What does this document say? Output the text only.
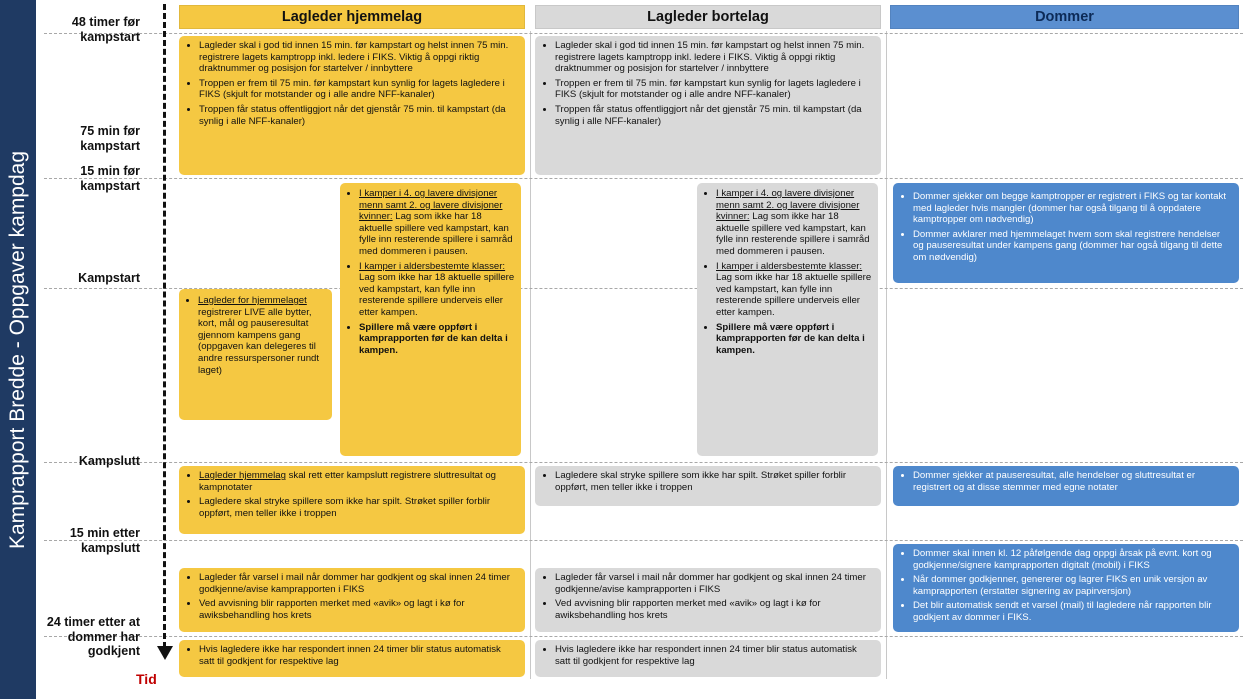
Kamprapport Bredde - Oppgaver kampdag
Lagleder hjemmelag	Lagleder bortelag	Dommer
Tid
48 timer før
kampstart
75 min før
kampstart
15 min før
kampstart
Kampstart
Kampslutt
15 min etter
kampslutt
24 timer etter at
dommer har
godkjent
• Lagleder skal i god tid innen 15 min. før kampstart og helst innen 75 min. registrere lagets kamptropp inkl. ledere i FIKS. Viktig å oppgi riktig draktnummer og posisjon for startelver / innbyttere
• Troppen er frem til 75 min. før kampstart kun synlig for lagets lagledere i FIKS (skjult for motstander og i alle andre NFF-kanaler)
• Troppen får status offentliggjort når det gjenstår 75 min. til kampstart (da synlig i alle NFF-kanaler)
• Lagleder skal i god tid innen 15 min. før kampstart og helst innen 75 min. registrere lagets kamptropp inkl. ledere i FIKS. Viktig å oppgi riktig draktnummer og posisjon for startelver / innbyttere
• Troppen er frem til 75 min. før kampstart kun synlig for lagets lagledere i FIKS (skjult for motstander og i alle andre NFF-kanaler)
• Troppen får status offentliggjort når det gjenstår 75 min. til kampstart (da synlig i alle NFF-kanaler)
• I kamper i 4. og lavere divisjoner menn samt 2. og lavere divisjoner kvinner: Lag som ikke har 18 aktuelle spillere ved kampstart, kan fylle inn resterende spillere i samråd med dommeren i pausen.
• I kamper i aldersbestemte klasser: Lag som ikke har 18 aktuelle spillere ved kampstart, kan fylle inn resterende spillere underveis eller etter kampen.
• Spillere må være oppført i kamprapporten før de kan delta i kampen.
• I kamper i 4. og lavere divisjoner menn samt 2. og lavere divisjoner kvinner: Lag som ikke har 18 aktuelle spillere ved kampstart, kan fylle inn resterende spillere i samråd med dommeren i pausen.
• I kamper i aldersbestemte klasser: Lag som ikke har 18 aktuelle spillere ved kampstart, kan fylle inn resterende spillere underveis eller etter kampen.
• Spillere må være oppført i kamprapporten før de kan delta i kampen.
• Dommer sjekker om begge kamptropper er registrert i FIKS og tar kontakt med lagleder hvis mangler (dommer har også tilgang til å oppdatere kamptropper om nødvendig)
• Dommer avklarer med hjemmelaget hvem som skal registrere hendelser og pauseresultat under kampens gang (dommer har også tilgang til dette om nødvendig)
• Lagleder for hjemmelaget registrerer LIVE alle bytter, kort, mål og pauseresultat gjennom kampens gang (oppgaven kan delegeres til andre ressurspersoner rundt laget)
• Lagleder hjemmelag skal rett etter kampslutt registrere sluttresultat og kampnotater
• Lagledere skal stryke spillere som ikke har spilt. Strøket spiller forblir oppført, men teller ikke i troppen
• Lagledere skal stryke spillere som ikke har spilt. Strøket spiller forblir oppført, men teller ikke i troppen
• Dommer sjekker at pauseresultat, alle hendelser og sluttresultat er registrert og at disse stemmer med egne notater
• Lagleder får varsel i mail når dommer har godkjent og skal innen 24 timer godkjenne/avise kamprapporten i FIKS
• Ved avvisning blir rapporten merket med «avik» og lagt i kø for awiksbehandling hos krets
• Lagleder får varsel i mail når dommer har godkjent og skal innen 24 timer godkjenne/avise kamprapporten i FIKS
• Ved avvisning blir rapporten merket med «avik» og lagt i kø for awiksbehandling hos krets
• Dommer skal innen kl. 12 påfølgende dag oppgi årsak på evnt. kort og godkjenne/signere kamprapporten digitalt (mobil) i FIKS
• Når dommer godkjenner, genererer og lagrer FIKS en unik versjon av kamprapporten (erstatter signering av papirversjon)
• Det blir automatisk sendt et varsel (mail) til lagledere når rapporten blir godkjent av dommer i FIKS.
• Hvis lagledere ikke har respondert innen 24 timer blir status automatisk satt til godkjent for respektive lag
• Hvis lagledere ikke har respondert innen 24 timer blir status automatisk satt til godkjent for respektive lag
